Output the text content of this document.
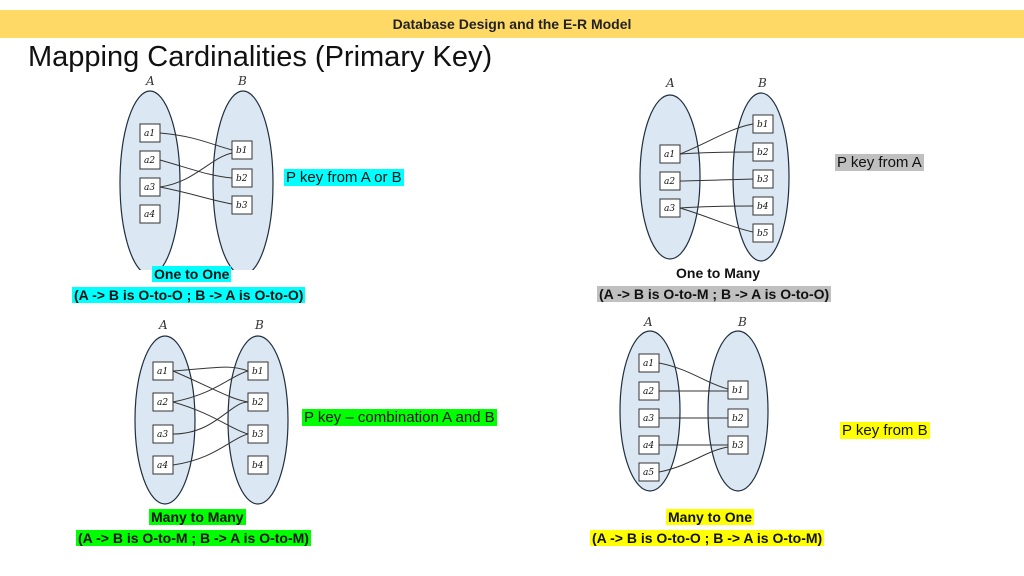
Database Design and the E-R Model
Mapping Cardinalities (Primary Key)
A	B
a1
a2
a3
a4
b1
b2
b3
P key from A or B
One to One
(A -> B is O-to-O ; B -> A is O-to-O)
A	B
a1
a2
a3
b1
b2
b3
b4
b5
P key from A
One to Many
(A -> B is O-to-M ; B -> A is O-to-O)
A	B
a1
a2
a3
a4
b1
b2
b3
b4
P key – combination A and B
Many to Many
(A -> B is O-to-M ; B -> A is O-to-M)
A	B
a1
a2
a3
a4
a5
b1
b2
b3
P key from B
Many to One
(A -> B is O-to-O ; B -> A is O-to-M)
